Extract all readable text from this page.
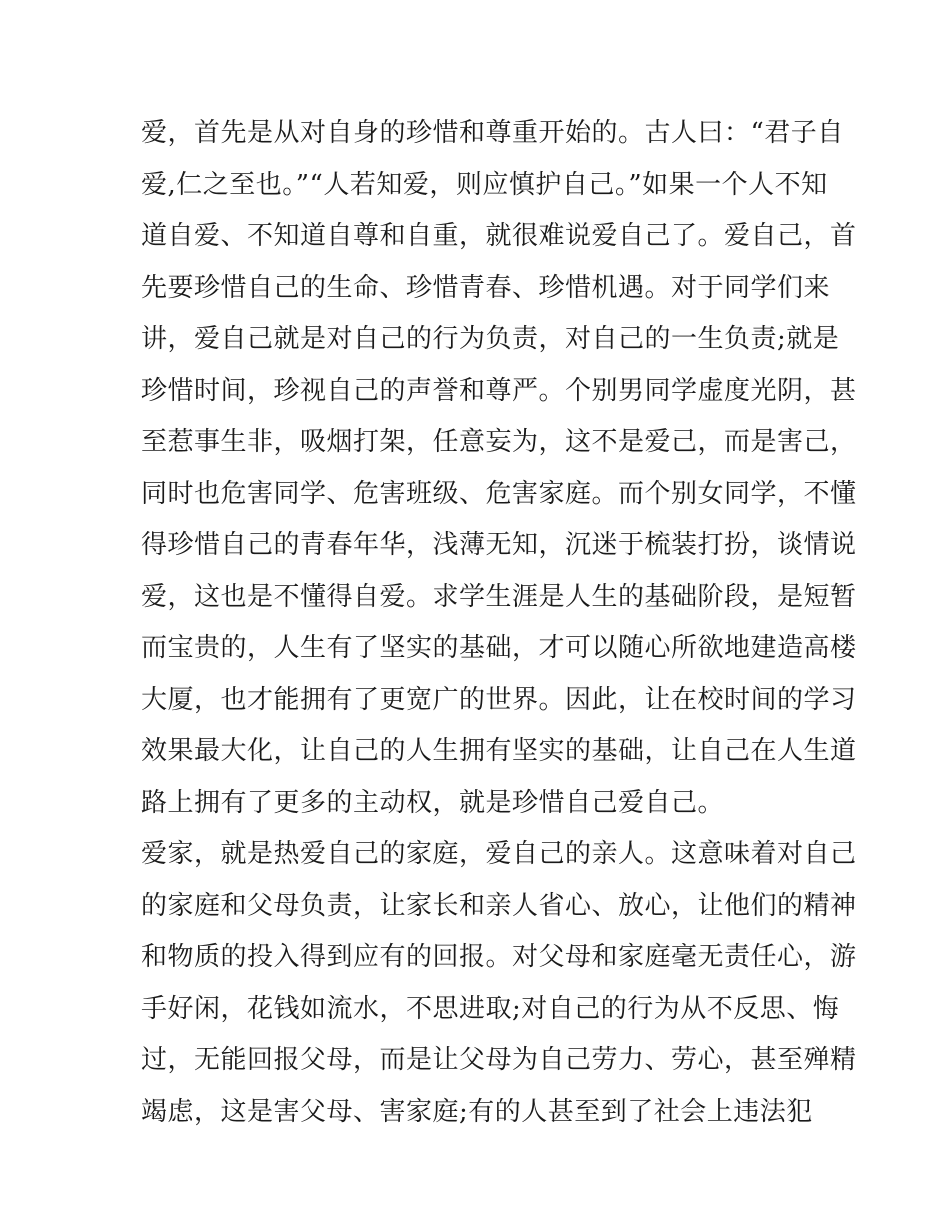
爱，首先是从对自身的珍惜和尊重开始的。古人曰：“君子自
爱,仁之至也。”“人若知爱，则应慎护自己。”如果一个人不知
道自爱、不知道自尊和自重，就很难说爱自己了。爱自己，首
先要珍惜自己的生命、珍惜青春、珍惜机遇。对于同学们来
讲，爱自己就是对自己的行为负责，对自己的一生负责;就是
珍惜时间，珍视自己的声誉和尊严。个别男同学虚度光阴，甚
至惹事生非，吸烟打架，任意妄为，这不是爱己，而是害己，
同时也危害同学、危害班级、危害家庭。而个别女同学，不懂
得珍惜自己的青春年华，浅薄无知，沉迷于梳装打扮，谈情说
爱，这也是不懂得自爱。求学生涯是人生的基础阶段，是短暂
而宝贵的，人生有了坚实的基础，才可以随心所欲地建造高楼
大厦，也才能拥有了更宽广的世界。因此，让在校时间的学习
效果最大化，让自己的人生拥有坚实的基础，让自己在人生道
路上拥有了更多的主动权，就是珍惜自己爱自己。
爱家，就是热爱自己的家庭，爱自己的亲人。这意味着对自己
的家庭和父母负责，让家长和亲人省心、放心，让他们的精神
和物质的投入得到应有的回报。对父母和家庭毫无责任心，游
手好闲，花钱如流水，不思进取;对自己的行为从不反思、悔
过，无能回报父母，而是让父母为自己劳力、劳心，甚至殚精
竭虑，这是害父母、害家庭;有的人甚至到了社会上违法犯
